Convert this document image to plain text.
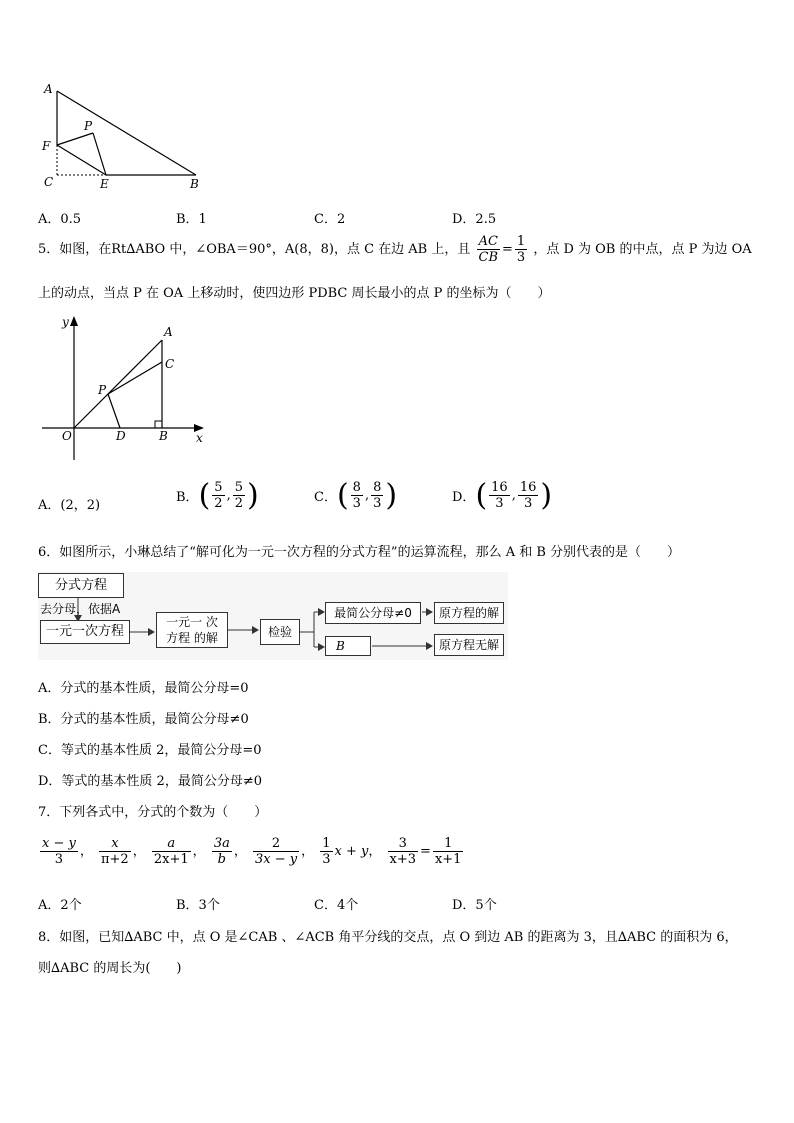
A
P
F
C	E	B
A．0.5	B．1	C．2	D．2.5
5．如图，在Rt∆ABO 中，∠OBA＝90°，A(8，8)，点 C 在边 AB 上，且 $\frac{AC}{CB} = \frac{1}{3}$ ，点 D 为 OB 的中点，点 P 为边 OA
上的动点，当点 P 在 OA 上移动时，使四边形 PDBC 周长最小的点 P 的坐标为（　　）
y
A
C
P
O	D	B x
A．(2，2)
B．( $\frac{5}{2}$ , $\frac{5}{2}$ )	C．( $\frac{8}{3}$ , $\frac{8}{3}$ )	D．( $\frac{16}{3}$ , $\frac{16}{3}$ )
6．如图所示，小琳总结了“解可化为一元一次方程的分式方程”的运算流程，那么 A 和 B 分别代表的是（　　）
分式方程
去分母，依据A
一元一次方程
一元一 次
方程 的解	检验
最简公分母≠0	原方程的解
B	原方程无解
A．分式的基本性质，最简公分母=0
B．分式的基本性质，最简公分母≠0
C．等式的基本性质 2，最简公分母=0
D．等式的基本性质 2，最简公分母≠0
7．下列各式中，分式的个数为（　　）
$\frac{x - y}{3}$ ， $\frac{x}{\pi+2}$ ， $\frac{a}{2x+1}$ ， $\frac{3a}{b}$ ， $\frac{2}{3x - y}$ ， $\frac{1}{3}$ x + y， $\frac{3}{x+3} = \frac{1}{x+1}$
A．2个	B．3个	C．4个	D．5个
8．如图，已知∆ABC 中，点 O 是∠CAB 、∠ACB 角平分线的交点，点 O 到边 AB 的距离为 3，且∆ABC 的面积为 6，
则∆ABC 的周长为(　　)
